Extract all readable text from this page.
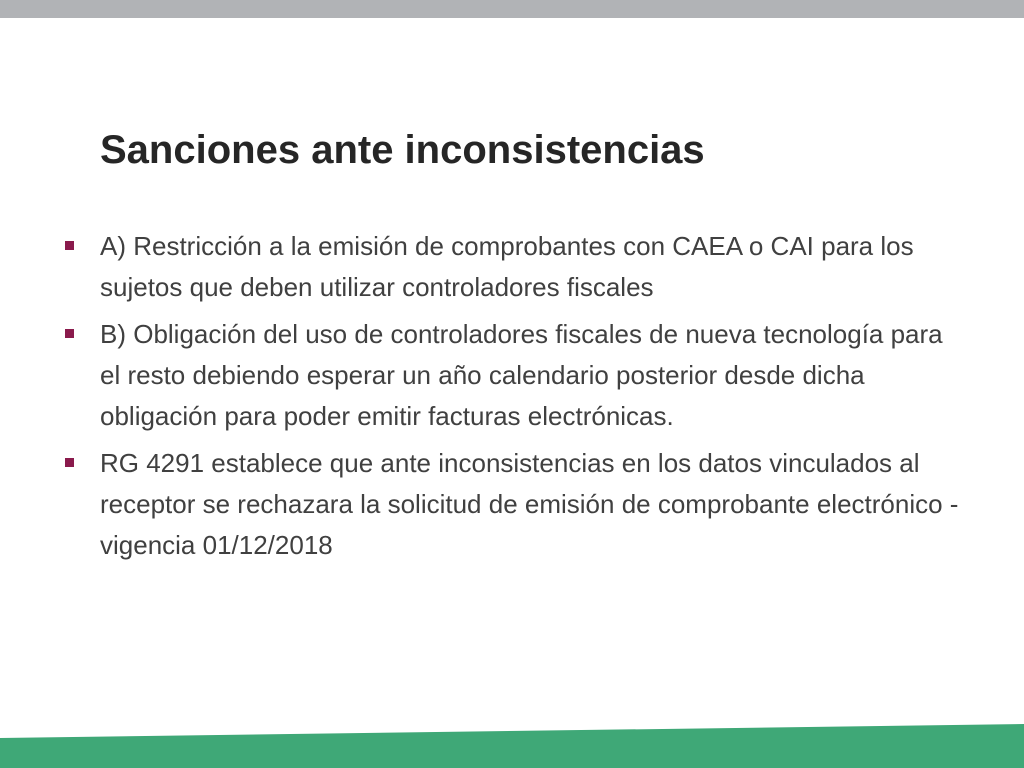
Sanciones ante inconsistencias
A) Restricción a la emisión de comprobantes con CAEA o CAI para los sujetos que deben utilizar controladores fiscales
B) Obligación del uso de controladores fiscales de nueva tecnología para el resto debiendo esperar un año calendario posterior desde dicha obligación para poder emitir facturas electrónicas.
RG 4291 establece que ante inconsistencias en los datos vinculados al receptor se rechazara la solicitud de emisión de comprobante electrónico - vigencia 01/12/2018
